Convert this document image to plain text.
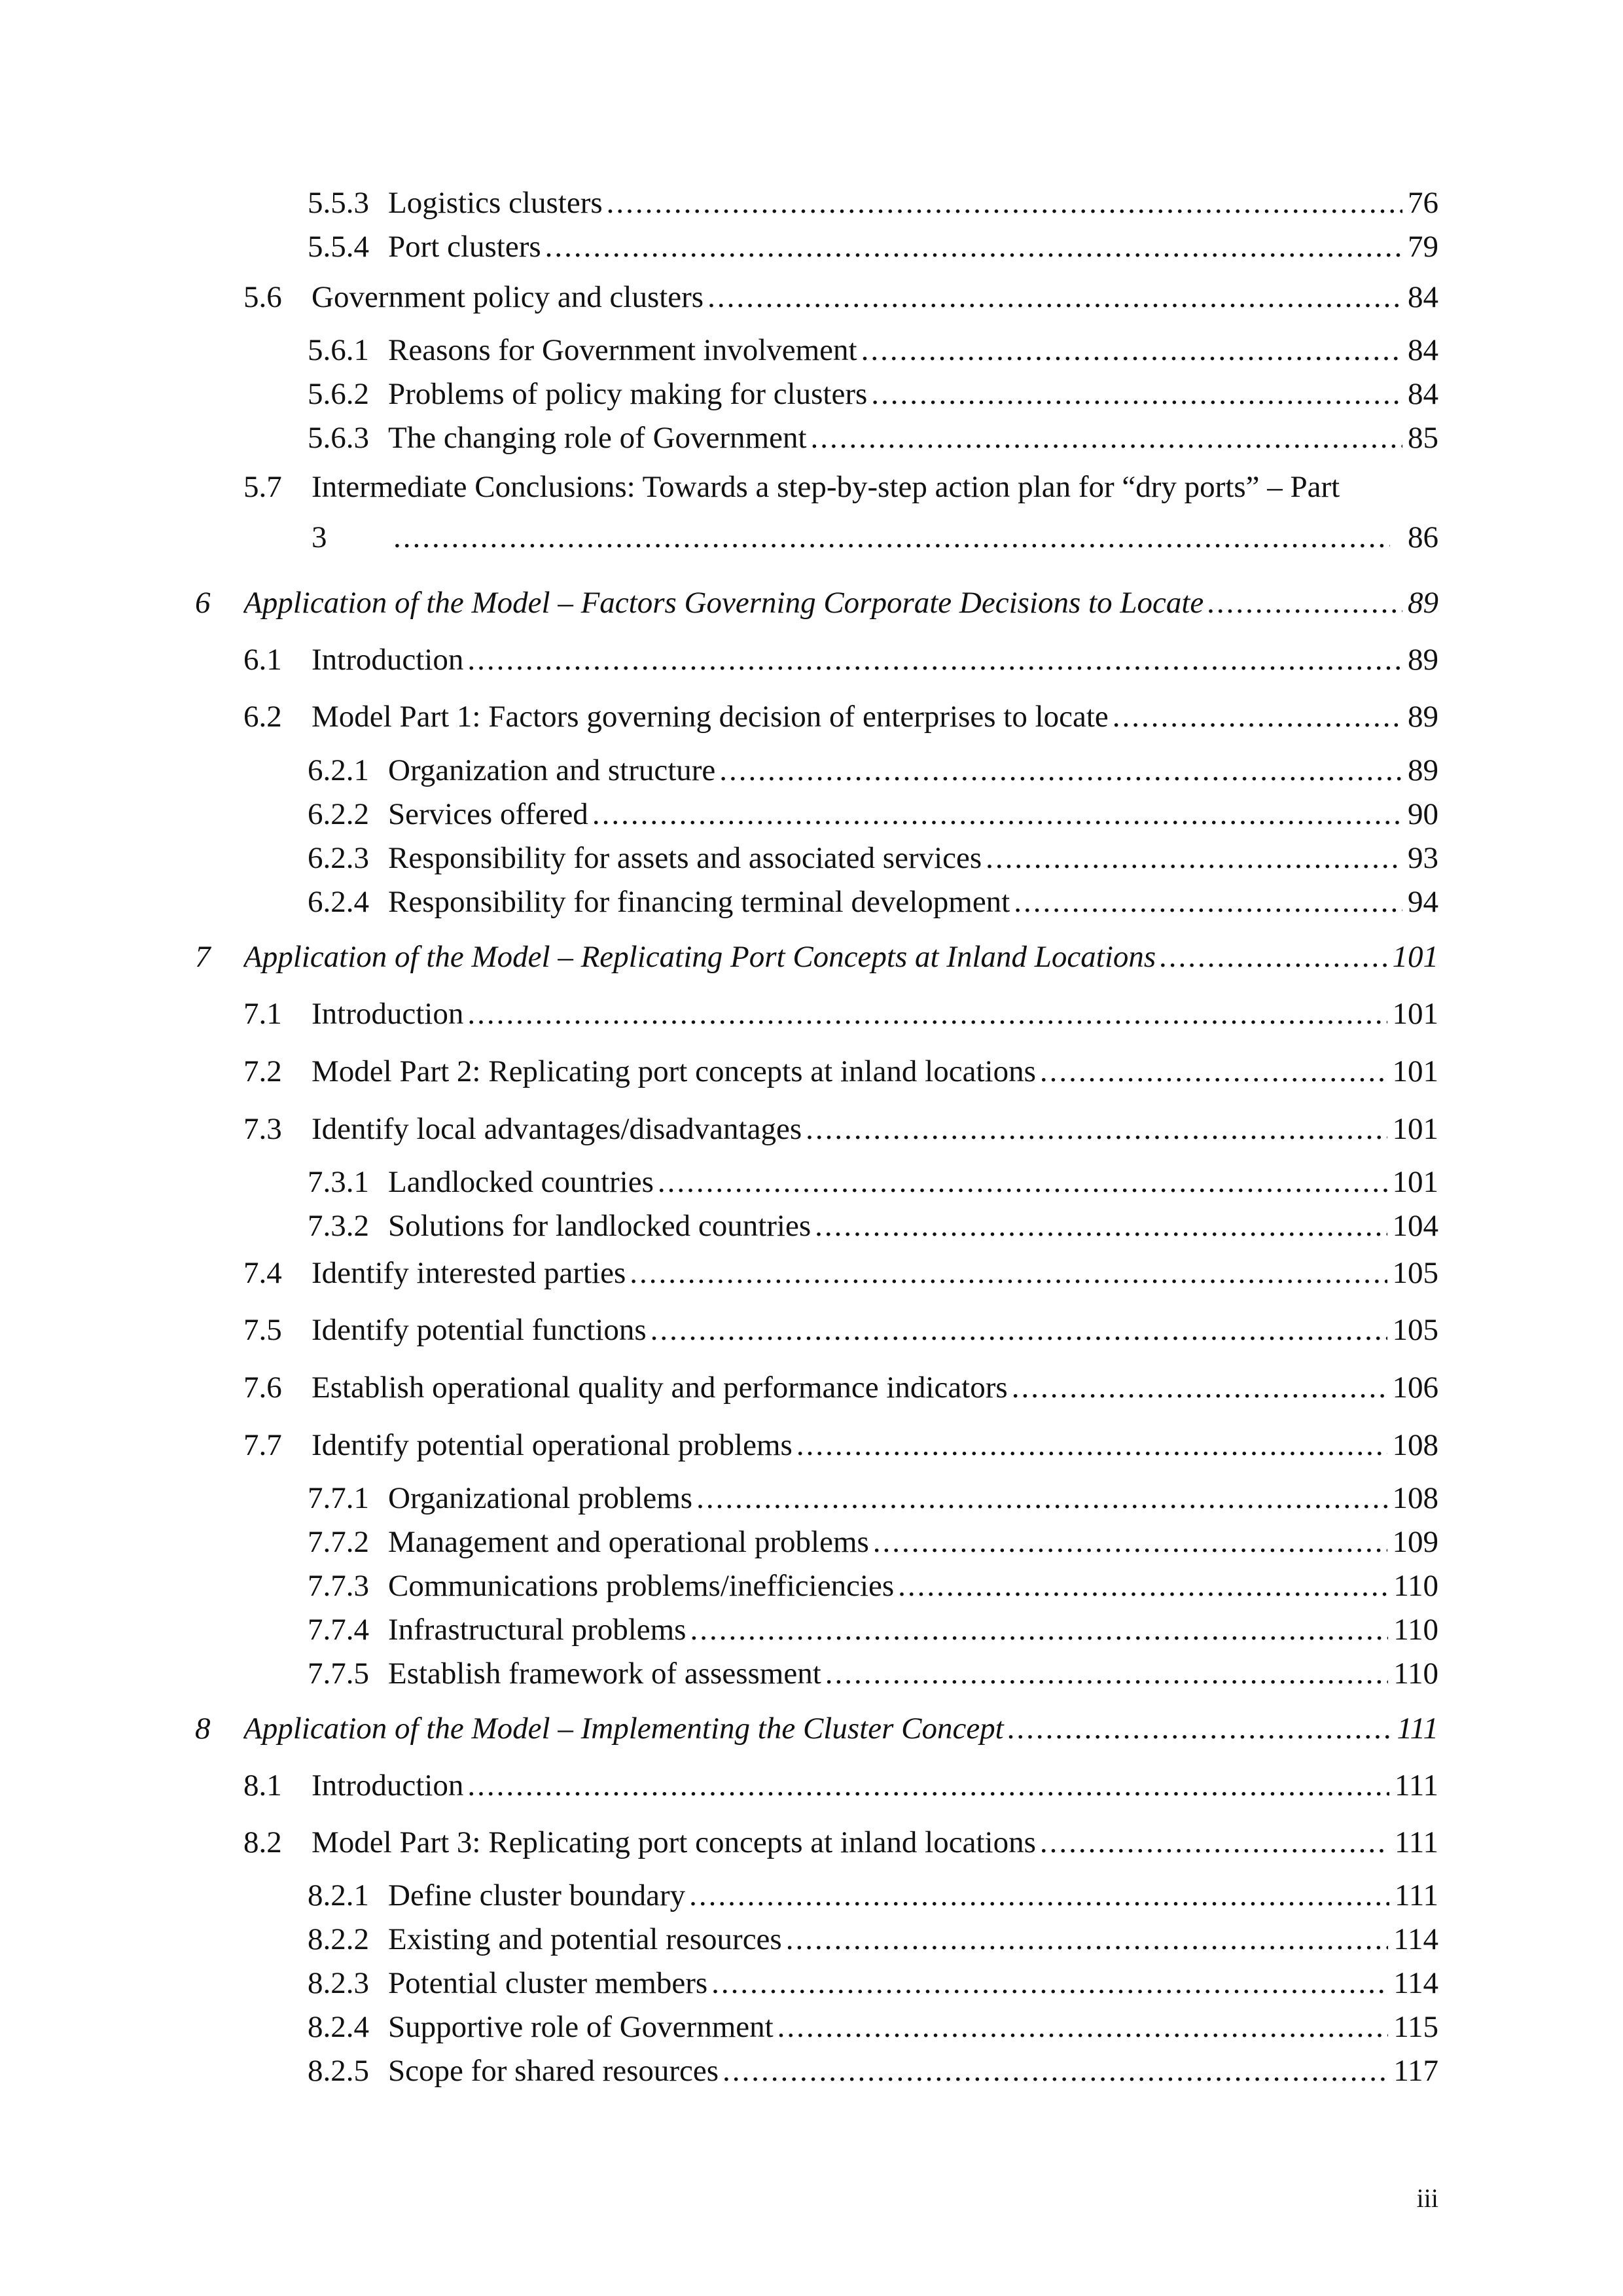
5.5.3 Logistics clusters .....	76
5.5.4 Port clusters .....	79
5.6 Government policy and clusters .....	84
5.6.1 Reasons for Government involvement .....	84
5.6.2 Problems of policy making for clusters .....	84
5.6.3 The changing role of Government .....	85
5.7 Intermediate Conclusions: Towards a step-by-step action plan for “dry ports” – Part
3 .....	86
6 Application of the Model – Factors Governing Corporate Decisions to Locate .....	89
6.1 Introduction .....	89
6.2 Model Part 1: Factors governing decision of enterprises to locate .....	89
6.2.1 Organization and structure .....	89
6.2.2 Services offered .....	90
6.2.3 Responsibility for assets and associated services .....	93
6.2.4 Responsibility for financing terminal development .....	94
7 Application of the Model – Replicating Port Concepts at Inland Locations .....	101
7.1 Introduction .....	101
7.2 Model Part 2: Replicating port concepts at inland locations .....	101
7.3 Identify local advantages/disadvantages .....	101
7.3.1 Landlocked countries .....	101
7.3.2 Solutions for landlocked countries .....	104
7.4 Identify interested parties .....	105
7.5 Identify potential functions .....	105
7.6 Establish operational quality and performance indicators .....	106
7.7 Identify potential operational problems .....	108
7.7.1 Organizational problems .....	108
7.7.2 Management and operational problems .....	109
7.7.3 Communications problems/inefficiencies .....	110
7.7.4 Infrastructural problems .....	110
7.7.5 Establish framework of assessment .....	110
8 Application of the Model – Implementing the Cluster Concept .....	111
8.1 Introduction .....	111
8.2 Model Part 3: Replicating port concepts at inland locations .....	111
8.2.1 Define cluster boundary .....	111
8.2.2 Existing and potential resources .....	114
8.2.3 Potential cluster members .....	114
8.2.4 Supportive role of Government .....	115
8.2.5 Scope for shared resources .....	117
iii
